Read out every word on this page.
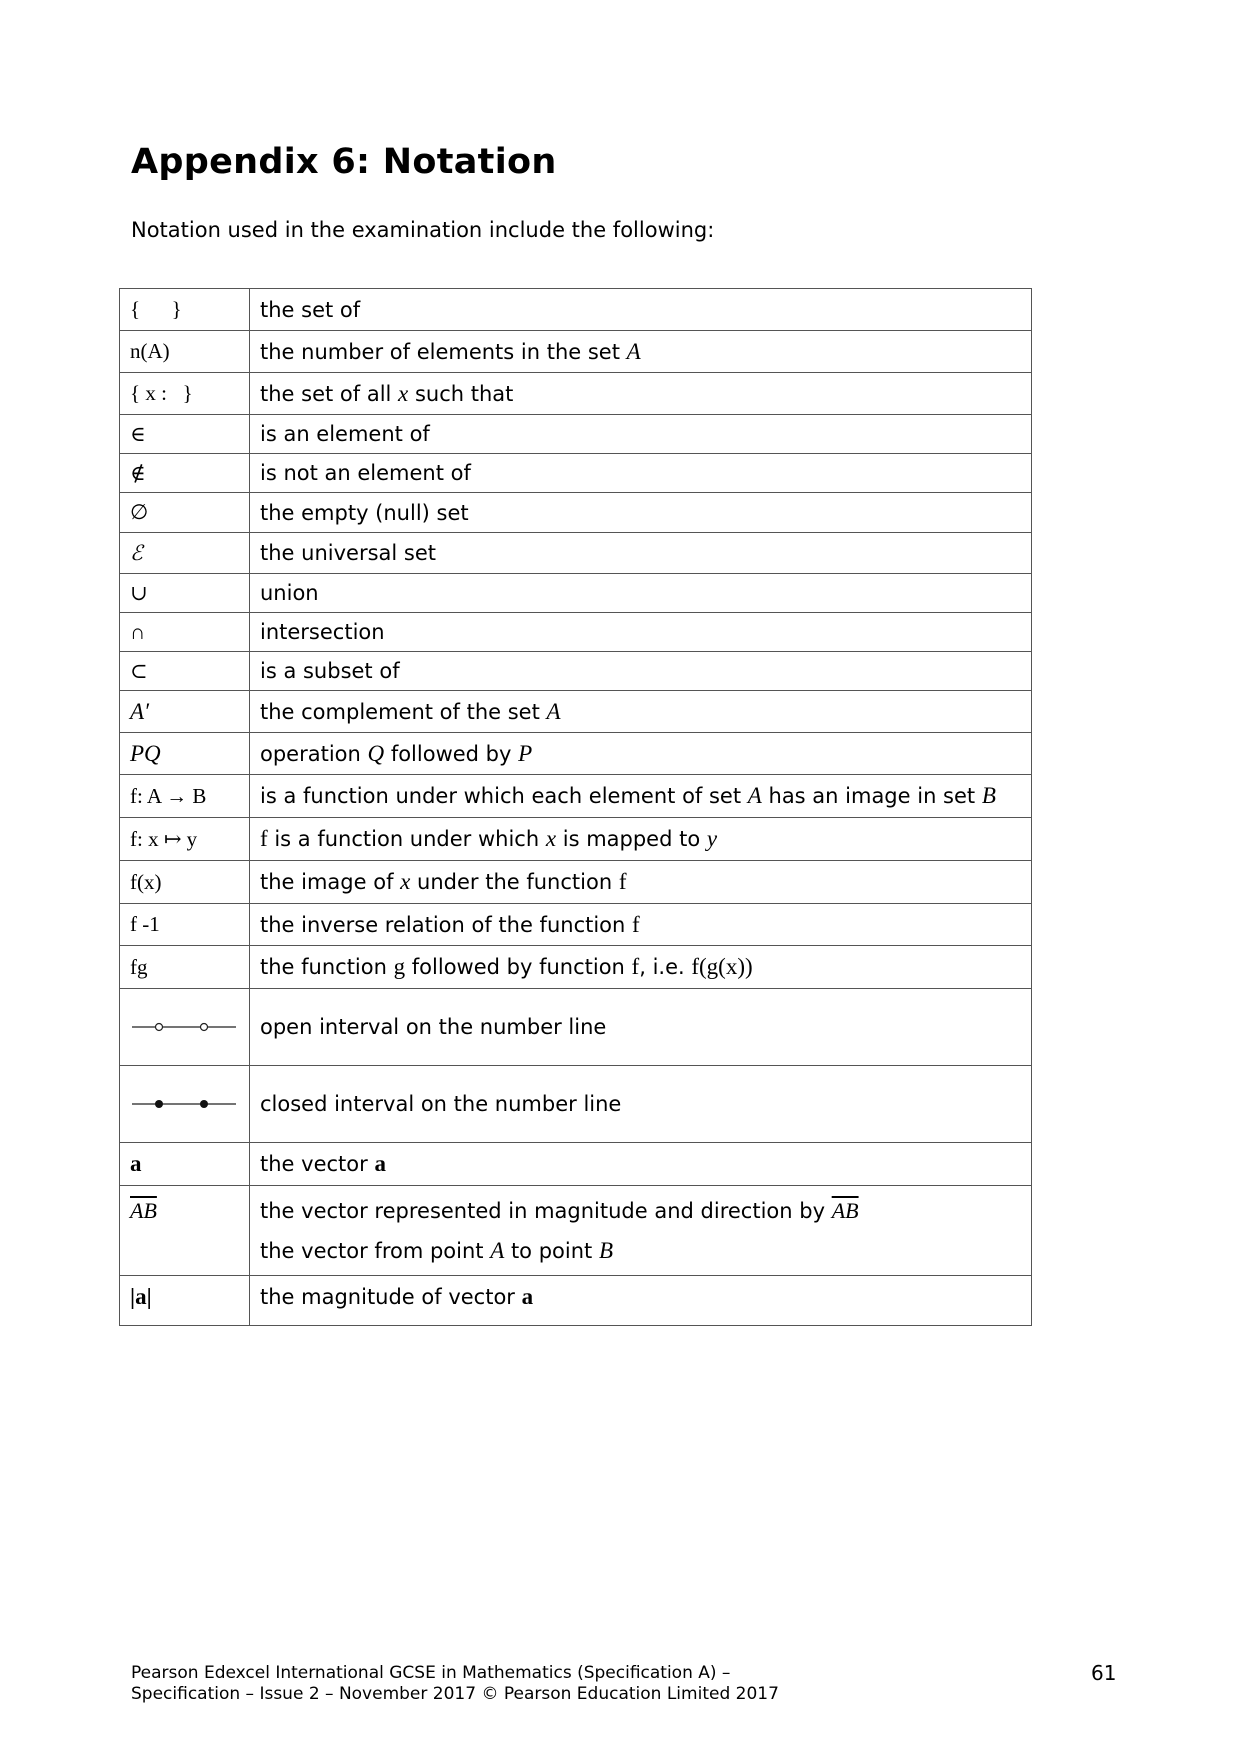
Appendix 6: Notation

Notation used in the examination include the following:

{      }	the set of
n(A)	the number of elements in the set A
{ x :   }	the set of all x such that
∈	is an element of
∉	is not an element of
∅	the empty (null) set
ℰ	the universal set
∪	union
∩	intersection
⊂	is a subset of
A′	the complement of the set A
PQ	operation Q followed by P
f: A → B	is a function under which each element of set A has an image in set B
f: x ↦ y	f is a function under which x is mapped to y
f(x)	the image of x under the function f
f -1	the inverse relation of the function f
fg	the function g followed by function f, i.e. f(g(x))

	open interval on the number line

	closed interval on the number line
a	the vector a
$\overline{AB}$	the vector represented in magnitude and direction by $\overline{AB}$
the vector from point A to point B

|a|	the magnitude of vector a
Pearson Edexcel International GCSE in Mathematics (Specification A) –
Specification – Issue 2 – November 2017 © Pearson Education Limited 2017
61
